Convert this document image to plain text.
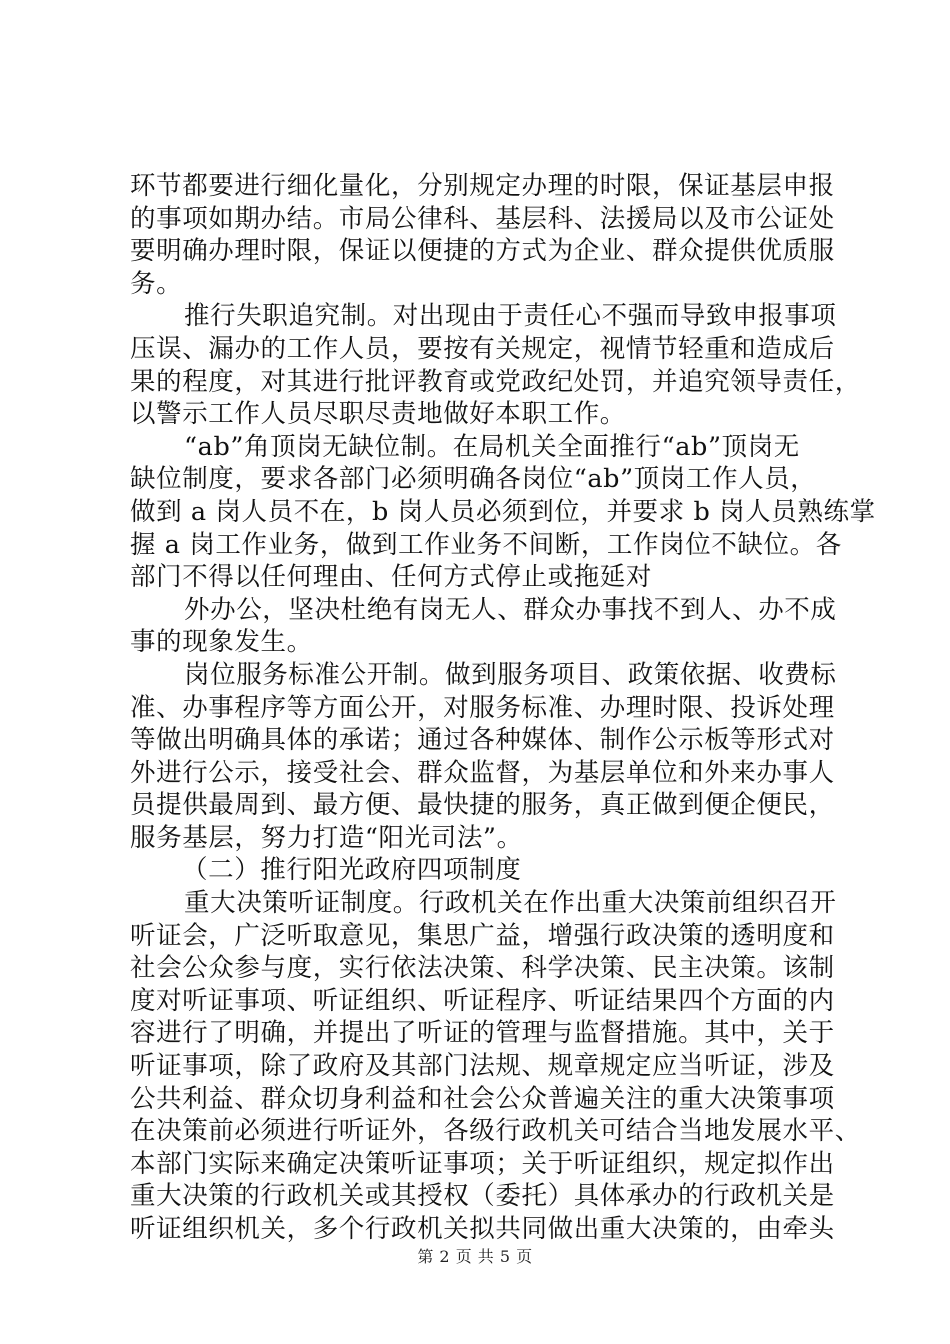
环节都要进行细化量化，分别规定办理的时限，保证基层申报
的事项如期办结。市局公律科、基层科、法援局以及市公证处
要明确办理时限，保证以便捷的方式为企业、群众提供优质服
务。
推行失职追究制。对出现由于责任心不强而导致申报事项
压误、漏办的工作人员，要按有关规定，视情节轻重和造成后
果的程度，对其进行批评教育或党政纪处罚，并追究领导责任，
以警示工作人员尽职尽责地做好本职工作。
“ab”角顶岗无缺位制。在局机关全面推行“ab”顶岗无
缺位制度，要求各部门必须明确各岗位“ab”顶岗工作人员，
做到 a 岗人员不在，b 岗人员必须到位，并要求 b 岗人员熟练掌
握 a 岗工作业务，做到工作业务不间断，工作岗位不缺位。各
部门不得以任何理由、任何方式停止或拖延对
外办公，坚决杜绝有岗无人、群众办事找不到人、办不成
事的现象发生。
岗位服务标准公开制。做到服务项目、政策依据、收费标
准、办事程序等方面公开，对服务标准、办理时限、投诉处理
等做出明确具体的承诺；通过各种媒体、制作公示板等形式对
外进行公示，接受社会、群众监督，为基层单位和外来办事人
员提供最周到、最方便、最快捷的服务，真正做到便企便民，
服务基层，努力打造“阳光司法”。
（二）推行阳光政府四项制度
重大决策听证制度。行政机关在作出重大决策前组织召开
听证会，广泛听取意见，集思广益，增强行政决策的透明度和
社会公众参与度，实行依法决策、科学决策、民主决策。该制
度对听证事项、听证组织、听证程序、听证结果四个方面的内
容进行了明确，并提出了听证的管理与监督措施。其中，关于
听证事项，除了政府及其部门法规、规章规定应当听证，涉及
公共利益、群众切身利益和社会公众普遍关注的重大决策事项
在决策前必须进行听证外，各级行政机关可结合当地发展水平、
本部门实际来确定决策听证事项；关于听证组织，规定拟作出
重大决策的行政机关或其授权（委托）具体承办的行政机关是
听证组织机关，多个行政机关拟共同做出重大决策的，由牵头
第 2 页 共 5 页
